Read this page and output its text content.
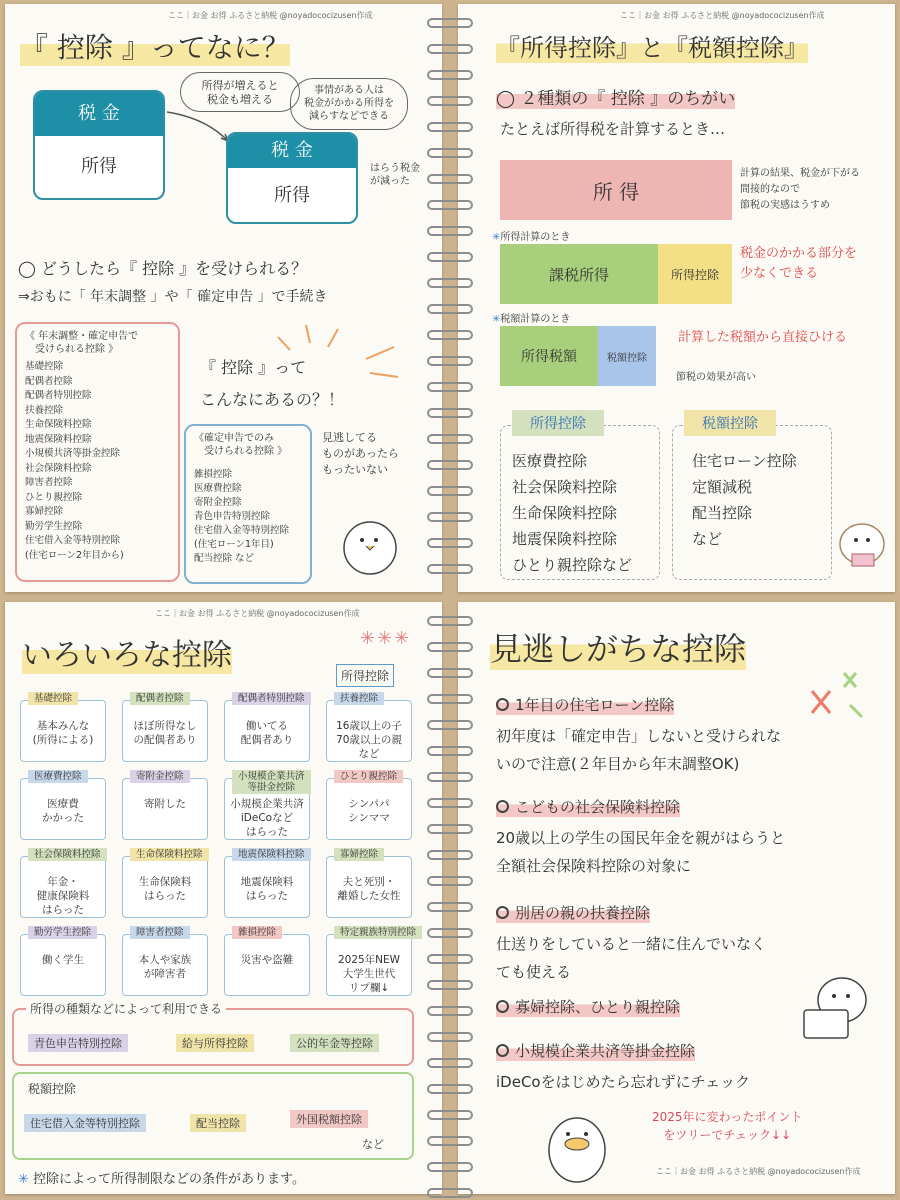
ここ｜お金 お得 ふるさと納税 @noyadococizusen作成
『 控除 』ってなに？
所得が増えると
税金も増える
事情がある人は
税金がかかる所得を
減らすなどできる
税 金
所得
税 金
所得
はらう税金
が減った
◯ どうしたら『 控除 』を受けられる？
⇒おもに「 年末調整 」や「 確定申告 」で手続き
《 年末調整・確定申告で
　受けられる控除 》
基礎控除
配偶者控除
配偶者特別控除
扶養控除
生命保険料控除
地震保険料控除
小規模共済等掛金控除
社会保険料控除
障害者控除
ひとり親控除
寡婦控除
勤労学生控除
住宅借入金等特別控除
(住宅ローン2年目から)
『 控除 』って
こんなにあるの？！
《確定申告でのみ
　受けられる控除 》
雑損控除
医療費控除
寄附金控除
青色申告特別控除
住宅借入金等特別控除
(住宅ローン1年目)
配当控除 など
見逃してる
ものがあったら
もったいない
ここ｜お金 お得 ふるさと納税 @noyadococizusen作成
『所得控除』と『税額控除』
◯ ２種類の『 控除 』のちがい
たとえば所得税を計算するとき…
所 得
計算の結果、税金が下がる
間接的なので
節税の実感はうすめ
✳所得計算のとき
課税所得	所得控除
税金のかかる部分を
少なくできる
✳税額計算のとき
所得税額	税額控除
計算した税額から直接ひける
節税の効果が高い
所得控除
医療費控除
社会保険料控除
生命保険料控除
地震保険料控除
ひとり親控除など
税額控除
住宅ローン控除
定額減税
配当控除
など
ここ｜お金 お得 ふるさと納税 @noyadococizusen作成
いろいろな控除	✳✳✳
所得控除
基本みんな
(所得による)
基礎控除
ほぼ所得なし
の配偶者あり
配偶者控除
働いてる
配偶者あり
配偶者特別控除
16歳以上の子
70歳以上の親
など
扶養控除
医療費
かかった
医療費控除
寄附した
寄附金控除
小規模企業共済
iDeCoなど
はらった
小規模企業共済
等掛金控除
シンパパ
シンママ
ひとり親控除
年金・
健康保険料
はらった
社会保険料控除
生命保険料
はらった
生命保険料控除
地震保険料
はらった
地震保険料控除
夫と死別・
離婚した女性
寡婦控除
働く学生
勤労学生控除
本人や家族
が障害者
障害者控除
災害や盗難
雑損控除
2025年NEW
大学生世代
リプ欄↓
特定親族特別控除
所得の種類などによって利用できる
青色申告特別控除	給与所得控除	公的年金等控除
税額控除
住宅借入金等特別控除	配当控除	外国税額控除
など
✳ 控除によって所得制限などの条件があります。
見逃しがちな控除
1年目の住宅ローン控除
初年度は「確定申告」しないと受けられな
いので注意(２年目から年末調整OK)
こどもの社会保険料控除
20歳以上の学生の国民年金を親がはらうと
全額社会保険料控除の対象に
別居の親の扶養控除
仕送りをしていると一緒に住んでいなく
ても使える
寡婦控除、ひとり親控除
小規模企業共済等掛金控除
iDeCoをはじめたら忘れずにチェック
2025年に変わったポイント
をツリーでチェック↓↓
ここ｜お金 お得 ふるさと納税 @noyadococizusen作成
